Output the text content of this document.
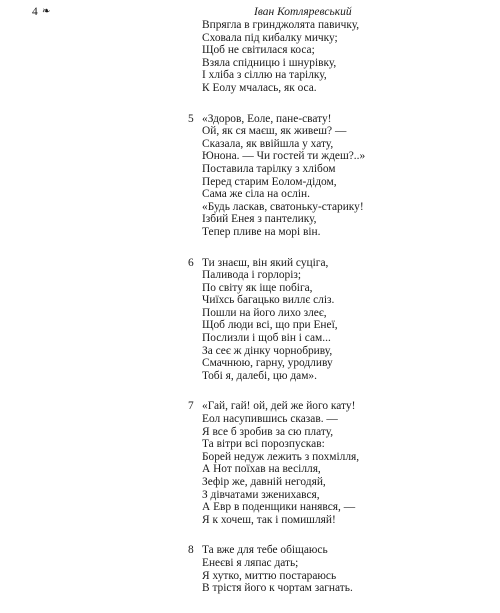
4 ❧	Іван Котляревський
Впрягла в гринджолята павичку,
Сховала під кибалку мичку;
Щоб не світилася коса;
Взяла спідницю і шнурівку,
І хліба з сіллю на тарілку,
К Еолу мчалась, як оса.
5 «Здоров, Еоле, пане-свату!
Ой, як ся маєш, як живеш? —
Сказала, як ввійшла у хату,
Юнона. — Чи гостей ти ждеш?..»
Поставила тарілку з хлібом
Перед старим Еолом-дідом,
Сама же сіла на ослін.
«Будь ласкав, сватоньку-старику!
Ізбий Енея з пантелику,
Тепер пливе на морі він.
6 Ти знаєш, він який суціга,
Паливода і горлоріз;
По світу як іще побіга,
Чиїхсь багацько виллє сліз.
Пошли на його лихо злеє,
Щоб люди всі, що при Енеї,
Послизли і щоб він і сам...
За сеє ж дінку чорнобриву,
Смачнюю, гарну, уродливу
Тобі я, далебі, цю дам».
7 «Гай, гай! ой, дей же його кату!
Еол насупившись сказав. —
Я все б зробив за сю плату,
Та вітри всі порозпускав:
Борей недуж лежить з похмілля,
А Нот поїхав на весілля,
Зефір же, давній негодяй,
З дівчатами зженихався,
А Евр в поденщики нанявся, —
Я к хочеш, так і помишляй!
8 Та вже для тебе обіщаюсь
Енеєві я ляпас дать;
Я хутко, миттю постараюсь
В трістя його к чортам загнать.
